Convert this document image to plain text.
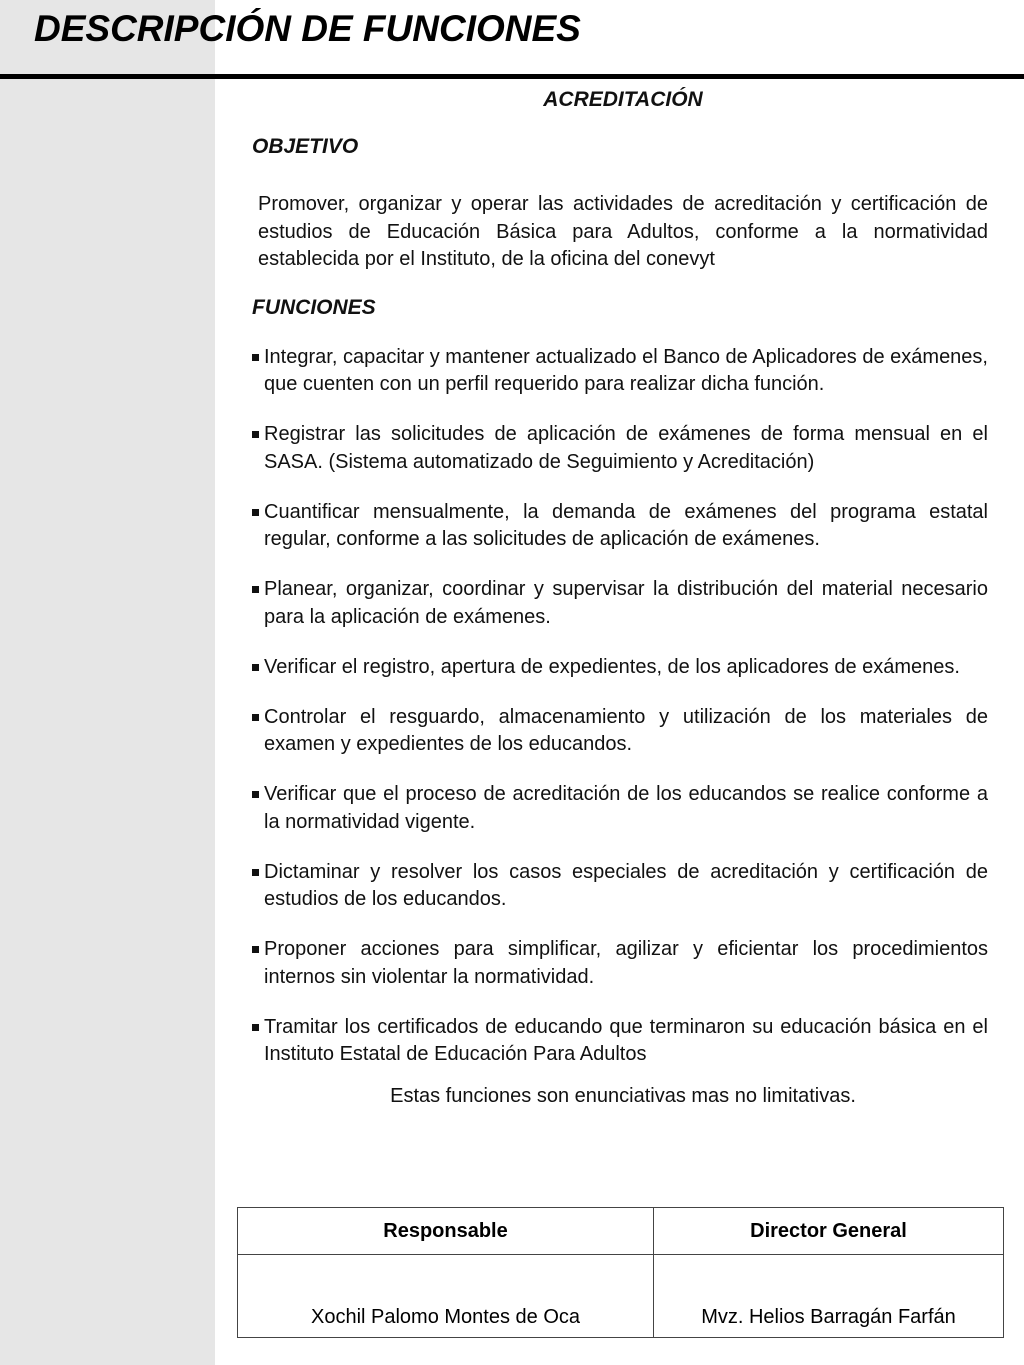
DESCRIPCIÓN DE FUNCIONES
ACREDITACIÓN
OBJETIVO

Promover, organizar y operar las actividades de acreditación y certificación de estudios de Educación Básica para Adultos, conforme a la normatividad establecida por el Instituto, de la oficina del conevyt

FUNCIONES
Integrar, capacitar y mantener actualizado el Banco de Aplicadores de exámenes, que cuenten con un perfil requerido para realizar dicha función.
Registrar las solicitudes de aplicación de exámenes de forma mensual en el SASA. (Sistema automatizado de Seguimiento y Acreditación)
Cuantificar mensualmente, la demanda de exámenes del programa estatal regular, conforme a las solicitudes de aplicación de exámenes.
Planear, organizar, coordinar y supervisar la distribución del material necesario para la aplicación de exámenes.
Verificar el registro, apertura de expedientes, de los aplicadores de exámenes.
Controlar el resguardo, almacenamiento y utilización de los materiales de examen y expedientes de los educandos.
Verificar que el proceso de acreditación de los educandos se realice conforme a la normatividad vigente.
Dictaminar y resolver los casos especiales de acreditación y certificación de estudios de los educandos.
Proponer acciones para simplificar, agilizar y eficientar los procedimientos internos sin violentar la normatividad.
Tramitar los certificados de educando que terminaron su educación básica en el Instituto Estatal de Educación Para Adultos

Estas funciones son enunciativas mas no limitativas.

Responsable	Director General
Xochil Palomo Montes de Oca	Mvz. Helios Barragán Farfán
